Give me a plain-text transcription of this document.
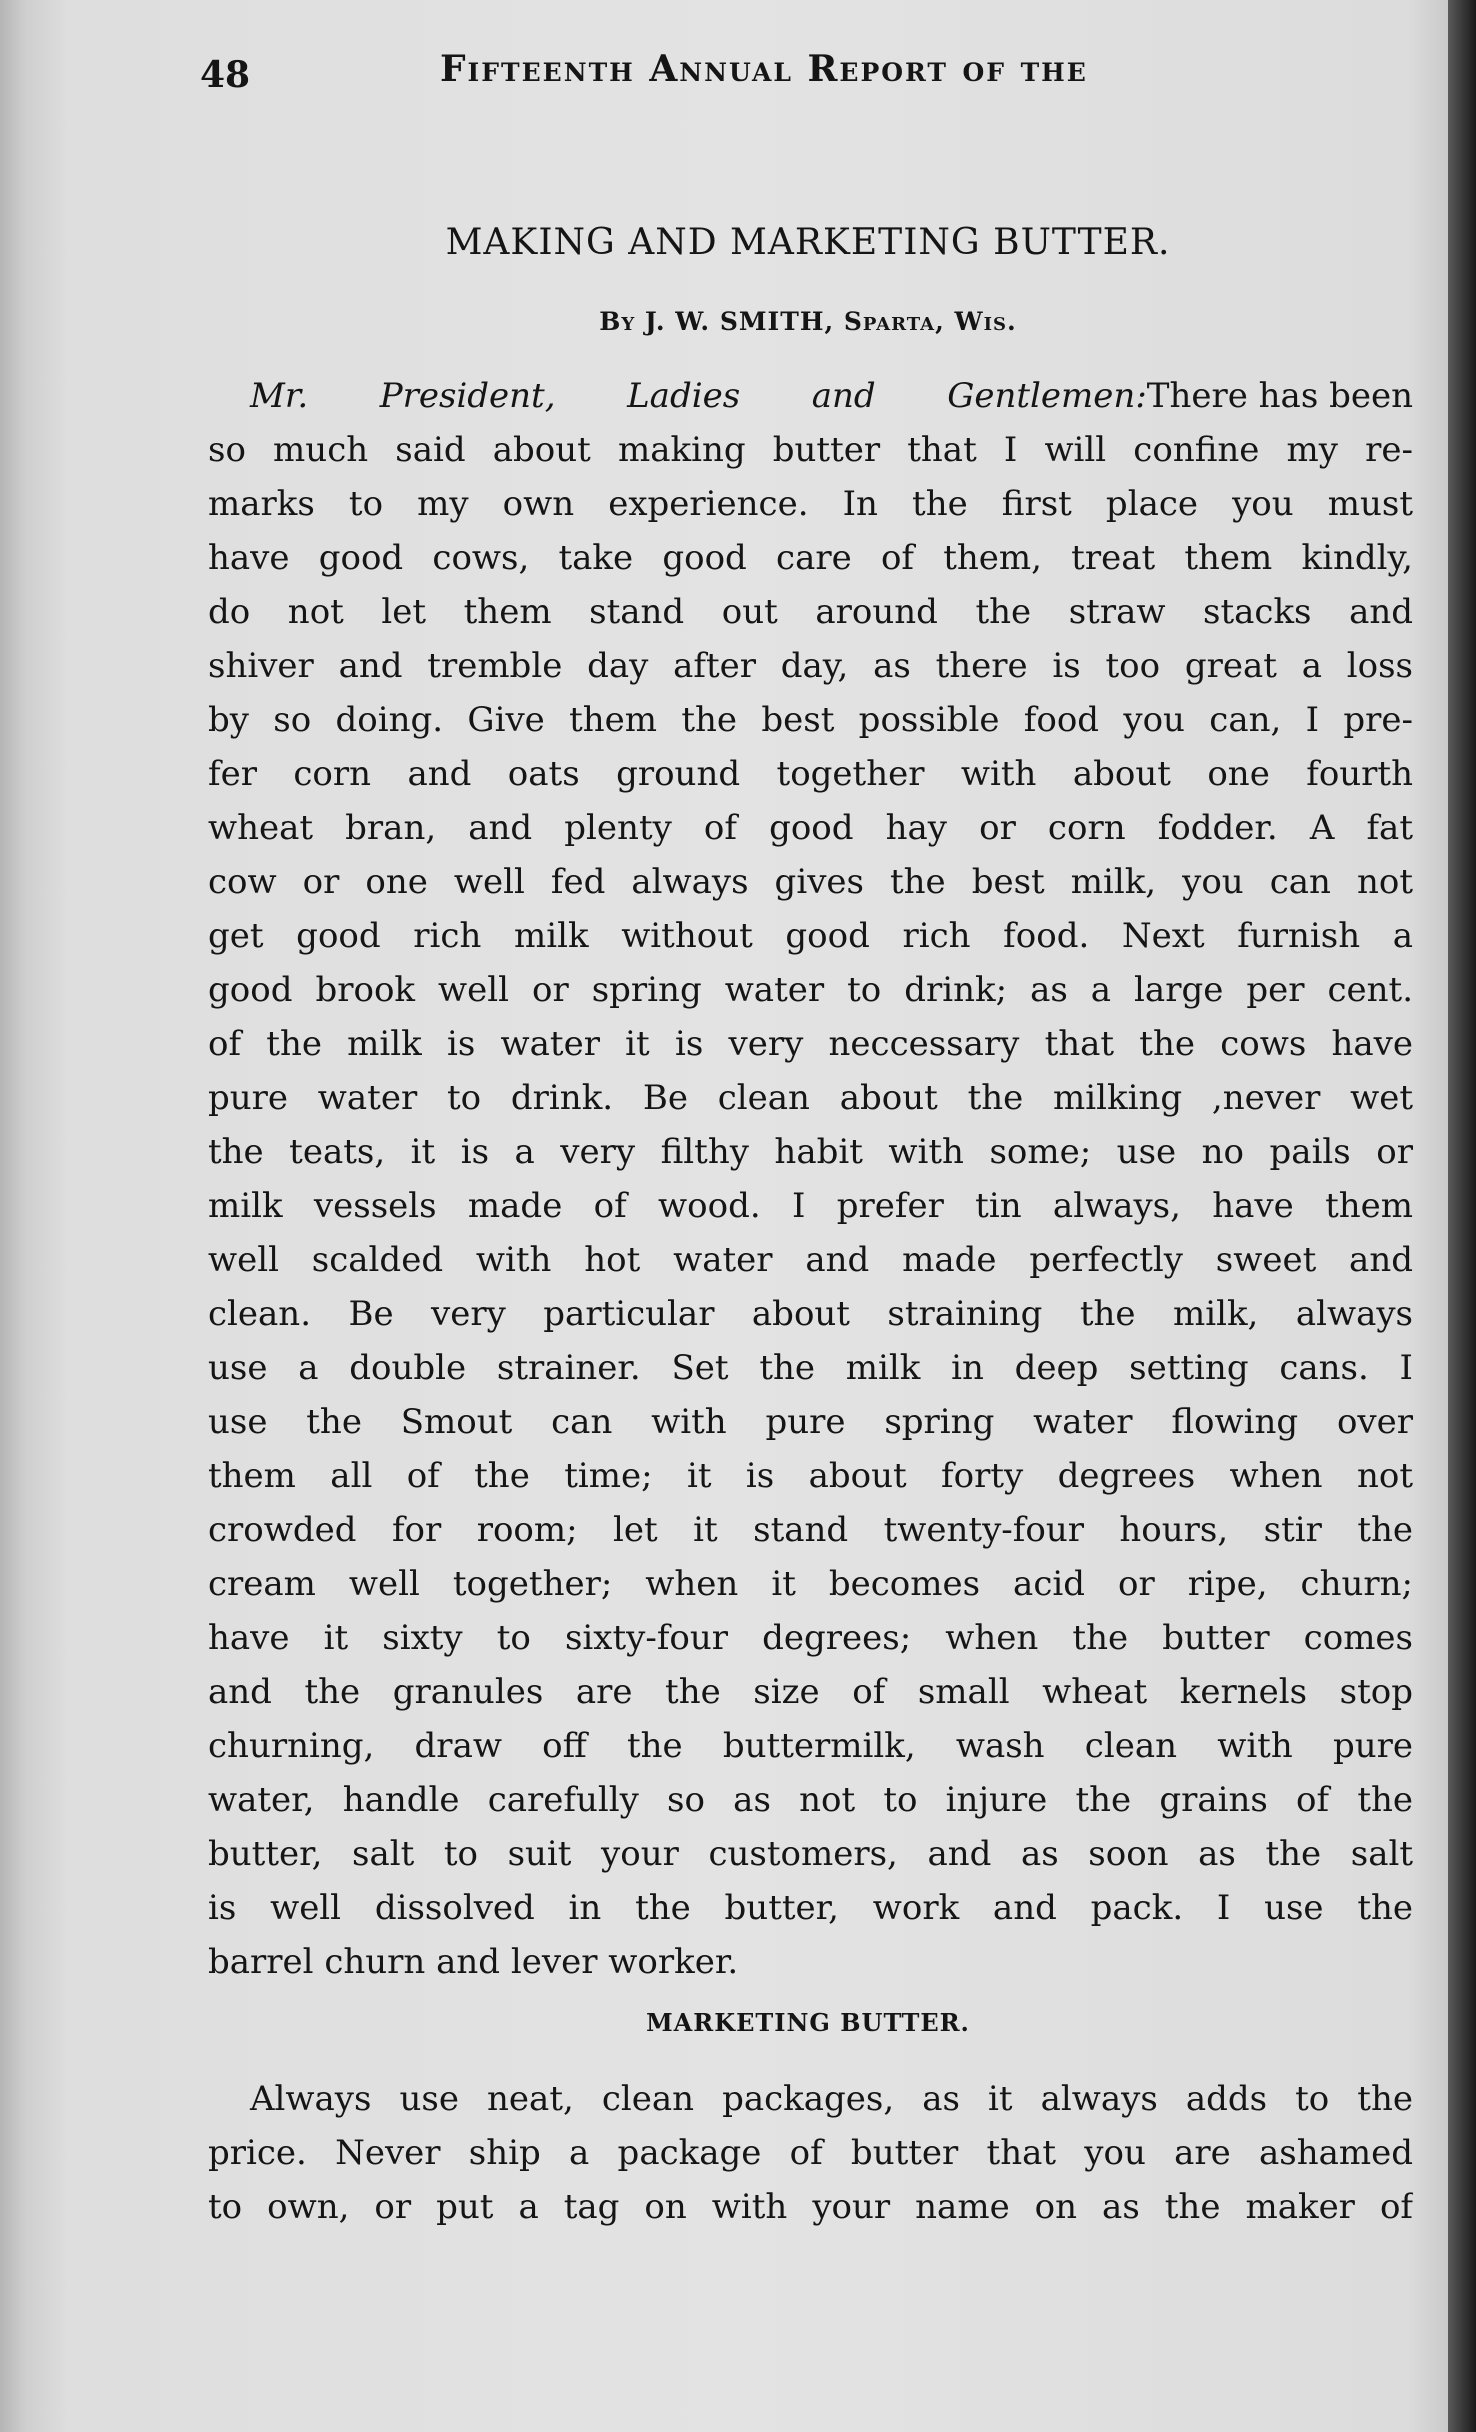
48	Fifteenth Annual Report of the
MAKING AND MARKETING BUTTER.
By J. W. SMITH, Sparta, Wis.
Mr. President, Ladies and Gentlemen: There has been
so much said about making butter that I will confine my re-
marks to my own experience. In the first place you must
have good cows, take good care of them, treat them kindly,
do not let them stand out around the straw stacks and
shiver and tremble day after day, as there is too great a loss
by so doing. Give them the best possible food you can, I pre-
fer corn and oats ground together with about one fourth
wheat bran, and plenty of good hay or corn fodder. A fat
cow or one well fed always gives the best milk, you can not
get good rich milk without good rich food. Next furnish a
good brook well or spring water to drink; as a large per cent.
of the milk is water it is very neccessary that the cows have
pure water to drink. Be clean about the milking ,never wet
the teats, it is a very filthy habit with some; use no pails or
milk vessels made of wood. I prefer tin always, have them
well scalded with hot water and made perfectly sweet and
clean. Be very particular about straining the milk, always
use a double strainer. Set the milk in deep setting cans. I
use the Smout can with pure spring water flowing over
them all of the time; it is about forty degrees when not
crowded for room; let it stand twenty-four hours, stir the
cream well together; when it becomes acid or ripe, churn;
have it sixty to sixty-four degrees; when the butter comes
and the granules are the size of small wheat kernels stop
churning, draw off the buttermilk, wash clean with pure
water, handle carefully so as not to injure the grains of the
butter, salt to suit your customers, and as soon as the salt
is well dissolved in the butter, work and pack. I use the
barrel churn and lever worker.
MARKETING BUTTER.
Always use neat, clean packages, as it always adds to the
price. Never ship a package of butter that you are ashamed
to own, or put a tag on with your name on as the maker of
